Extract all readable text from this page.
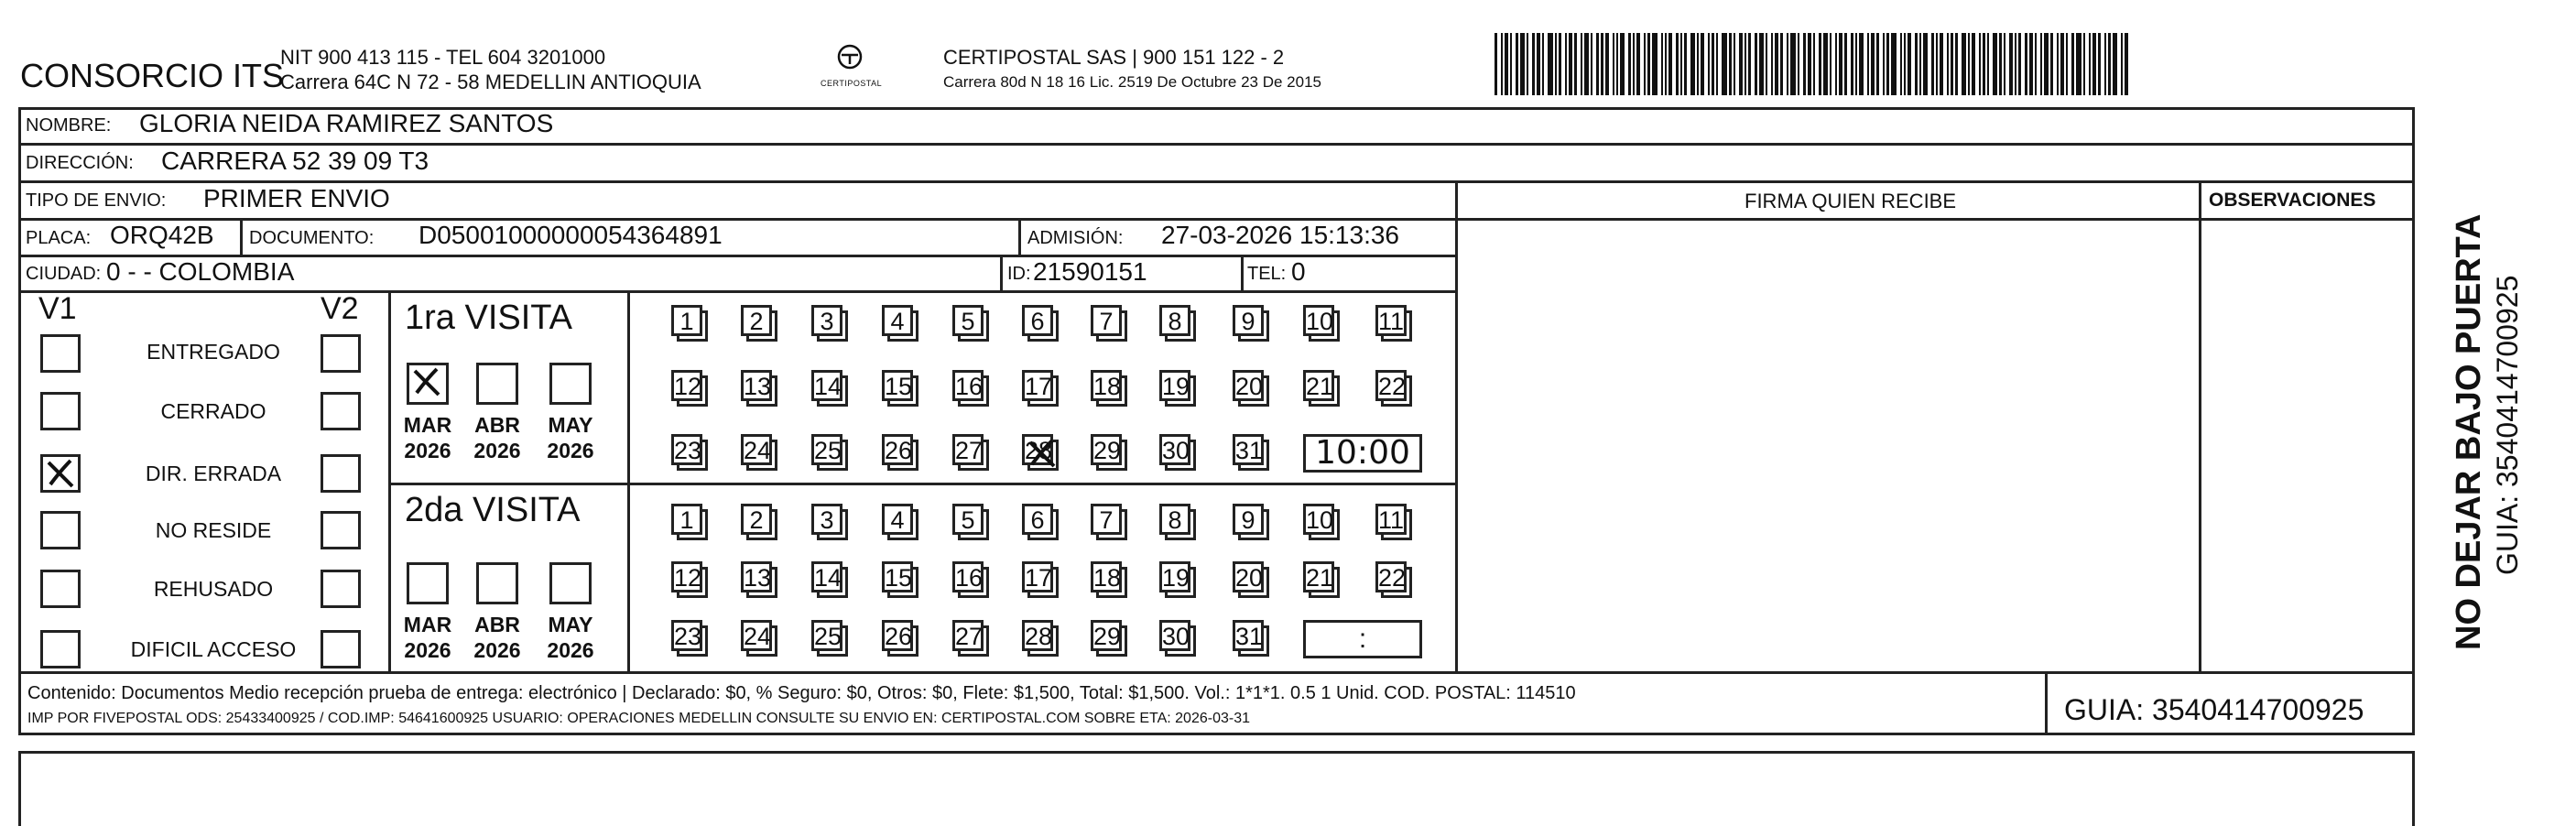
CONSORCIO ITS
NIT 900 413 115 - TEL 604 3201000
Carrera 64C N 72 - 58 MEDELLIN ANTIOQUIA	CERTIPOSTAL
CERTIPOSTAL SAS | 900 151 122 - 2
Carrera 80d N 18 16 Lic. 2519 De Octubre 23 De 2015
NOMBRE: GLORIA NEIDA RAMIREZ SANTOS
DIRECCIÓN: CARRERA 52 39 09 T3
TIPO DE ENVIO: PRIMER ENVIO	FIRMA QUIEN RECIBE	OBSERVACIONES
PLACA: ORQ42B DOCUMENTO: D05001000000054364891	ADMISIÓN: 27-03-2026 15:13:36
CIUDAD: 0 - - COLOMBIA	ID: 21590151	TEL: 0
V1	V2
ENTREGADO
CERRADO
DIR. ERRADA
NO RESIDE
REHUSADO
DIFICIL ACCESO
1ra VISITA
2da VISITA
MAR
2026
ABR
2026
MAY
2026
MAR
2026
ABR
2026
MAY
2026
1	2	3	4	5	6	7	8	9	10 11
12 13 14 15 16 17 18 19 20 21 22
23 24 25 26 27 28 29 30 31	10:00
1	2	3	4	5	6	7	8	9	10 11
12 13 14 15 16 17 18 19 20 21 22
23 24 25 26 27 28 29 30 31	:
Contenido: Documentos Medio recepción prueba de entrega: electrónico | Declarado: $0, % Seguro: $0, Otros: $0, Flete: $1,500, Total: $1,500. Vol.: 1*1*1. 0.5 1 Unid. COD. POSTAL: 114510
IMP POR FIVEPOSTAL ODS: 25433400925 / COD.IMP: 54641600925 USUARIO: OPERACIONES MEDELLIN CONSULTE SU ENVIO EN: CERTIPOSTAL.COM SOBRE ETA: 2026-03-31	GUIA: 3540414700925
NO DEJAR BAJO PUERTA GUIA: 3540414700925
